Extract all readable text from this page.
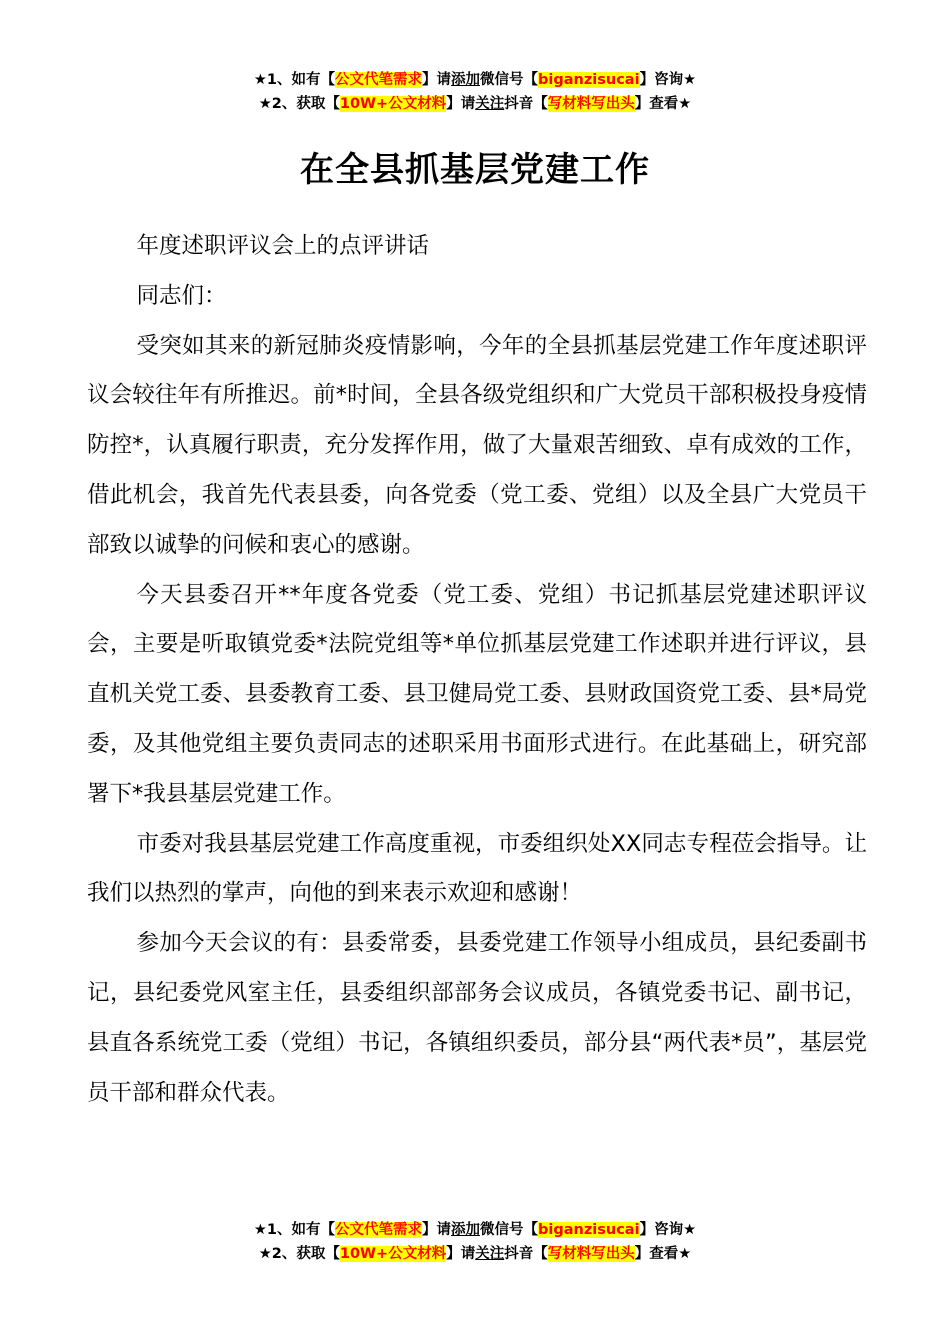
★1、如有【公文代笔需求】请添加微信号【biganzisucai】咨询★
★2、获取【10W+公文材料】请关注抖音【写材料写出头】查看★
在全县抓基层党建工作

年度述职评议会上的点评讲话

同志们：

受突如其来的新冠肺炎疫情影响，今年的全县抓基层党建工作年度述职评议会较往年有所推迟。前*时间，全县各级党组织和广大党员干部积极投身疫情防控*，认真履行职责，充分发挥作用，做了大量艰苦细致、卓有成效的工作，借此机会，我首先代表县委，向各党委（党工委、党组）以及全县广大党员干部致以诚挚的问候和衷心的感谢。

今天县委召开**年度各党委（党工委、党组）书记抓基层党建述职评议会，主要是听取镇党委*法院党组等*单位抓基层党建工作述职并进行评议，县直机关党工委、县委教育工委、县卫健局党工委、县财政国资党工委、县*局党委，及其他党组主要负责同志的述职采用书面形式进行。在此基础上，研究部署下*我县基层党建工作。

市委对我县基层党建工作高度重视，市委组织处XX同志专程莅会指导。让我们以热烈的掌声，向他的到来表示欢迎和感谢！

参加今天会议的有：县委常委，县委党建工作领导小组成员，县纪委副书记，县纪委党风室主任，县委组织部部务会议成员，各镇党委书记、副书记，县直各系统党工委（党组）书记，各镇组织委员，部分县“两代表*员”，基层党员干部和群众代表。

★1、如有【公文代笔需求】请添加微信号【biganzisucai】咨询★
★2、获取【10W+公文材料】请关注抖音【写材料写出头】查看★
